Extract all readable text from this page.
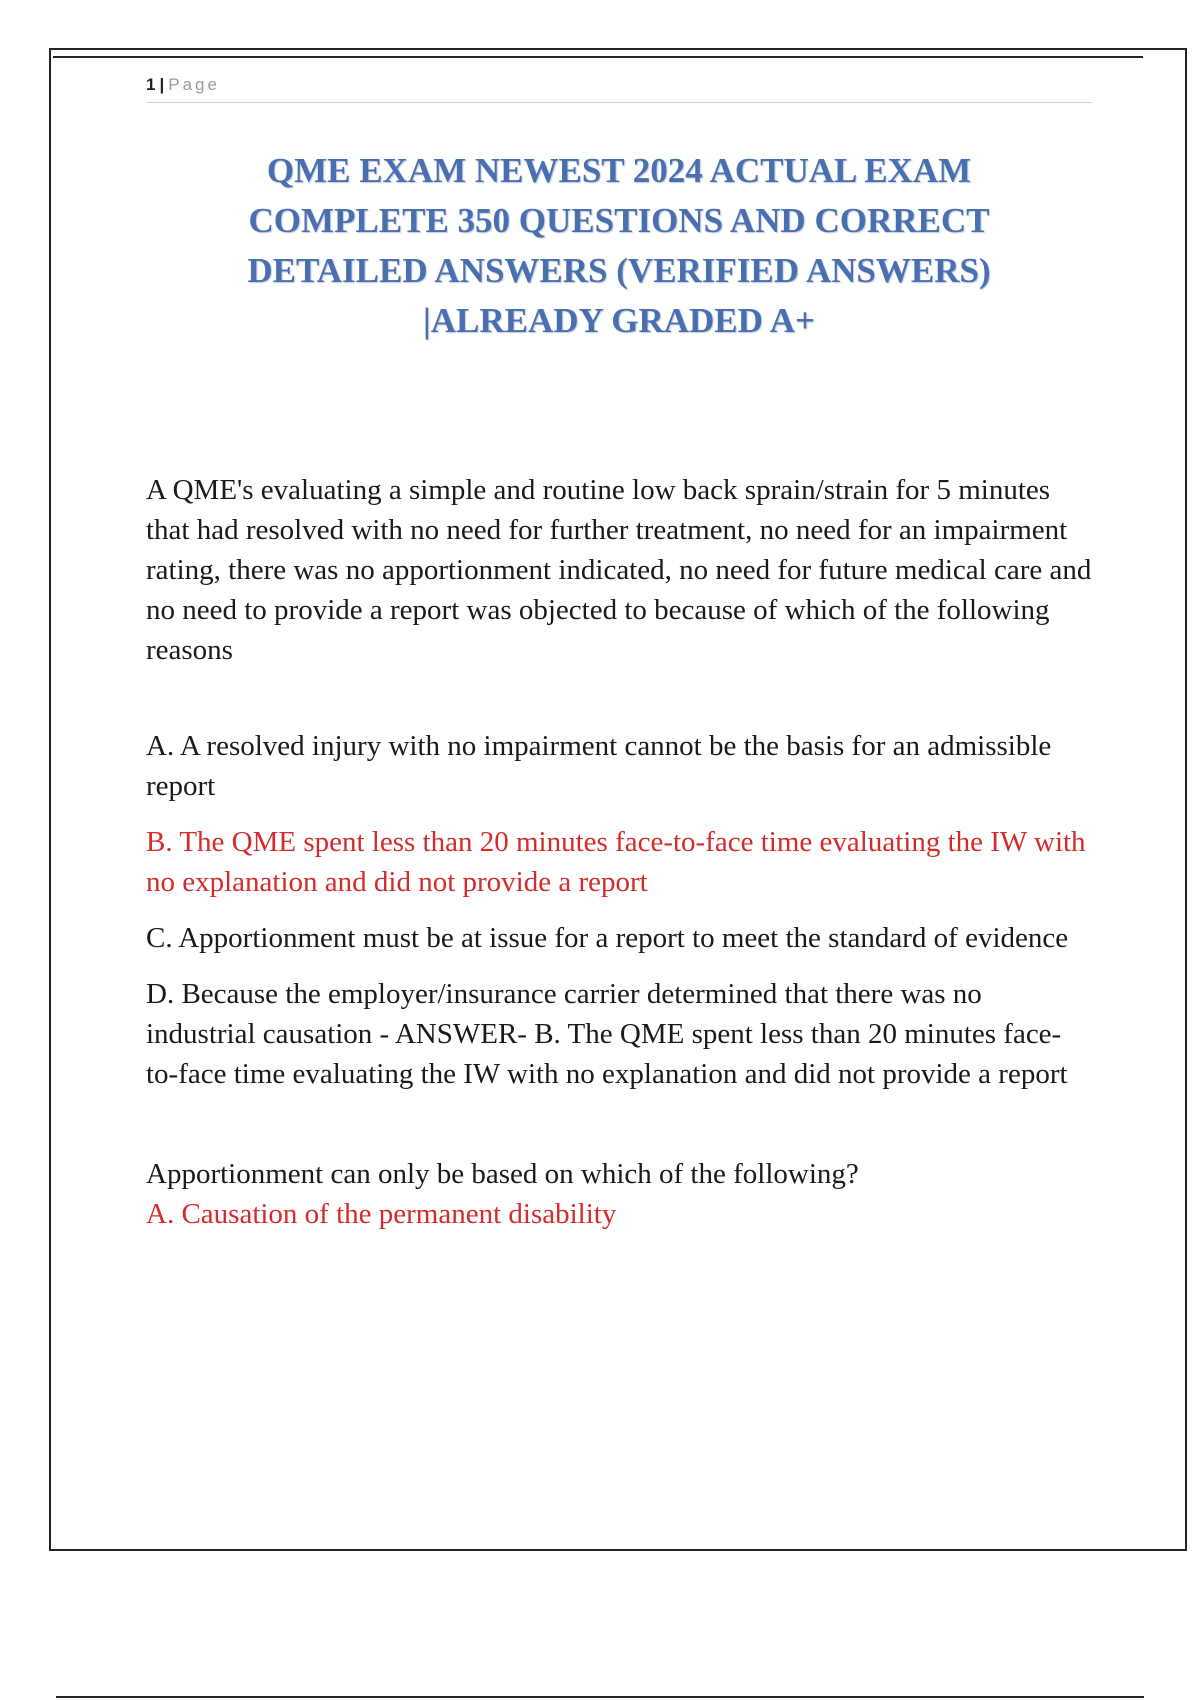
1 | Page
QME EXAM NEWEST 2024 ACTUAL EXAM
COMPLETE 350 QUESTIONS AND CORRECT
DETAILED ANSWERS (VERIFIED ANSWERS)
|ALREADY GRADED A+

A QME's evaluating a simple and routine low back sprain/strain for 5 minutes that had resolved with no need for further treatment, no need for an impairment rating, there was no apportionment indicated, no need for future medical care and no need to provide a report was objected to because of which of the following reasons

A. A resolved injury with no impairment cannot be the basis for an admissible report

B. The QME spent less than 20 minutes face-to-face time evaluating the IW with no explanation and did not provide a report

C. Apportionment must be at issue for a report to meet the standard of evidence

D. Because the employer/insurance carrier determined that there was no industrial causation - ANSWER- B. The QME spent less than 20 minutes face-to-face time evaluating the IW with no explanation and did not provide a report

Apportionment can only be based on which of the following?

A. Causation of the permanent disability
